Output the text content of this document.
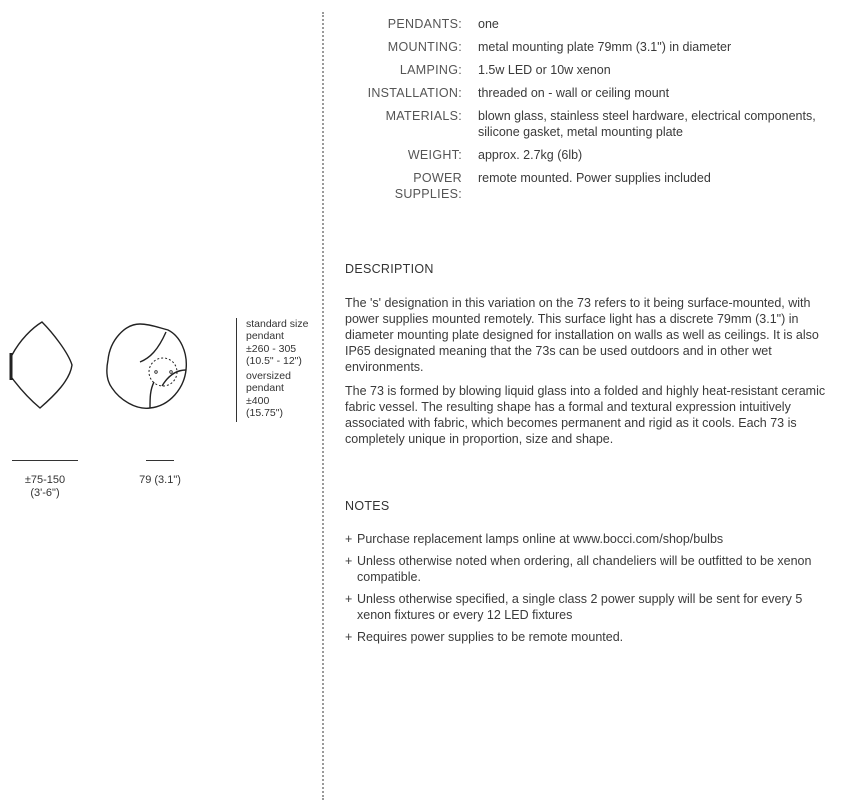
±75-150
(3'-6")
79 (3.1")

standard size
pendant
±260 - 305
(10.5" - 12")

oversized
pendant
±400
(15.75")

PENDANTS:	one
MOUNTING:	metal mounting plate 79mm (3.1") in diameter
LAMPING:	1.5w LED or 10w xenon
INSTALLATION:	threaded on - wall or ceiling mount
MATERIALS:	blown glass, stainless steel hardware, electrical components, silicone gasket, metal mounting plate
WEIGHT:	approx. 2.7kg (6lb)
POWER
SUPPLIES:
remote mounted. Power supplies included
DESCRIPTION

The 's' designation in this variation on the 73 refers to it being surface-mounted, with power supplies mounted remotely. This surface light has a discrete 79mm (3.1") in diameter mounting plate designed for installation on walls as well as ceilings. It is also IP65 designated meaning that the 73s can be used outdoors and in other wet environments.

The 73 is formed by blowing liquid glass into a folded and highly heat-resistant ceramic fabric vessel. The resulting shape has a formal and textural expression intuitively associated with fabric, which becomes permanent and rigid as it cools. Each 73 is completely unique in proportion, size and shape.

NOTES
+ Purchase replacement lamps online at www.bocci.com/shop/bulbs
+ Unless otherwise noted when ordering, all chandeliers will be outfitted to be xenon compatible.
+ Unless otherwise specified, a single class 2 power supply will be sent for every 5 xenon fixtures or every 12 LED fixtures
+ Requires power supplies to be remote mounted.
